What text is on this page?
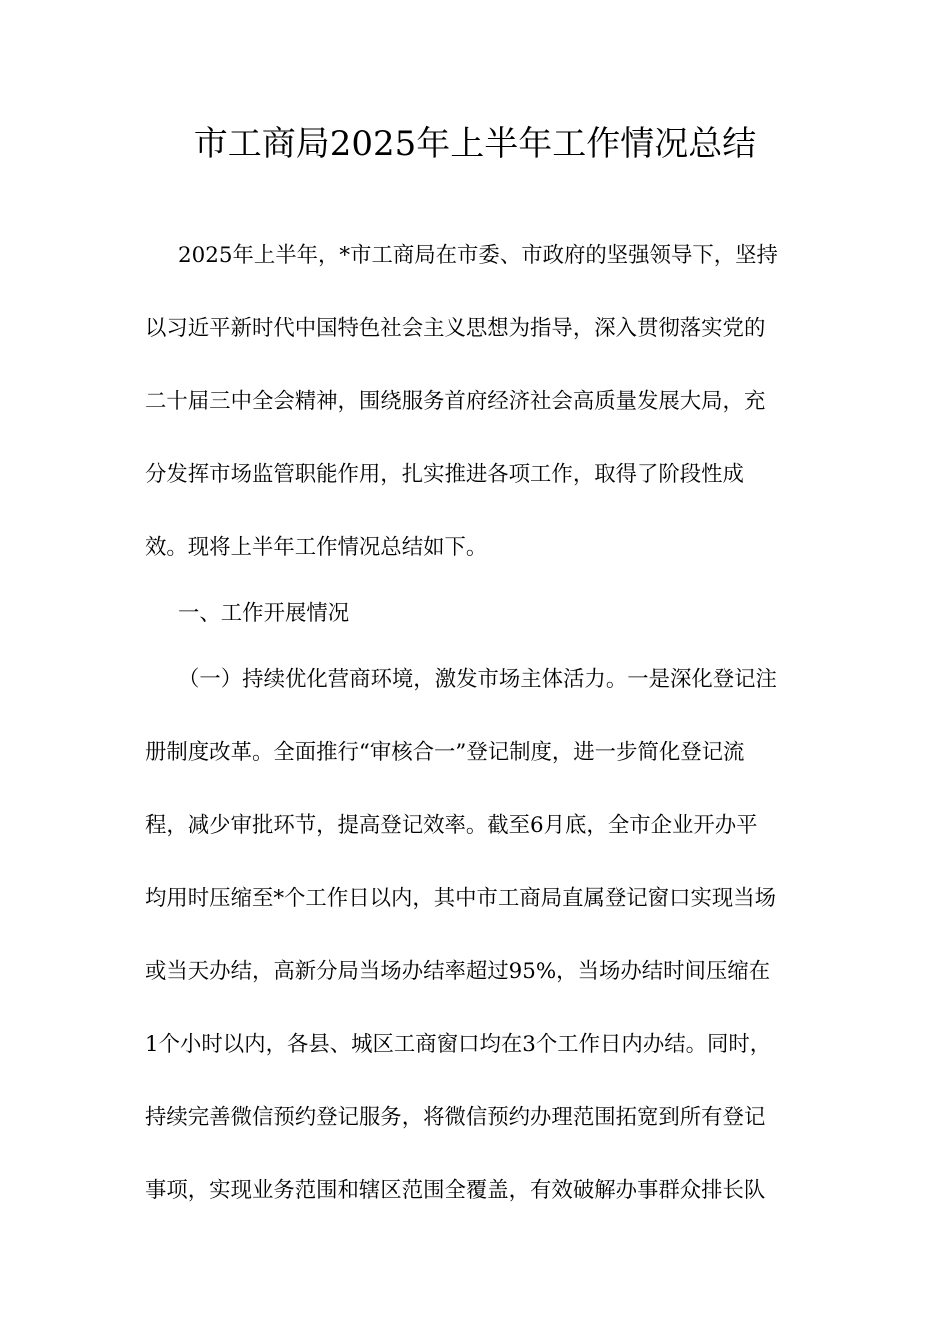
市工商局2025年上半年工作情况总结
2025年上半年，*市工商局在市委、市政府的坚强领导下，坚持
以习近平新时代中国特色社会主义思想为指导，深入贯彻落实党的
二十届三中全会精神，围绕服务首府经济社会高质量发展大局，充
分发挥市场监管职能作用，扎实推进各项工作，取得了阶段性成
效。现将上半年工作情况总结如下。
一、工作开展情况
（一）持续优化营商环境，激发市场主体活力。一是深化登记注
册制度改革。全面推行“审核合一”登记制度，进一步简化登记流
程，减少审批环节，提高登记效率。截至6月底，全市企业开办平
均用时压缩至*个工作日以内，其中市工商局直属登记窗口实现当场
或当天办结，高新分局当场办结率超过95%，当场办结时间压缩在
1个小时以内，各县、城区工商窗口均在3个工作日内办结。同时，
持续完善微信预约登记服务，将微信预约办理范围拓宽到所有登记
事项，实现业务范围和辖区范围全覆盖，有效破解办事群众排长队
